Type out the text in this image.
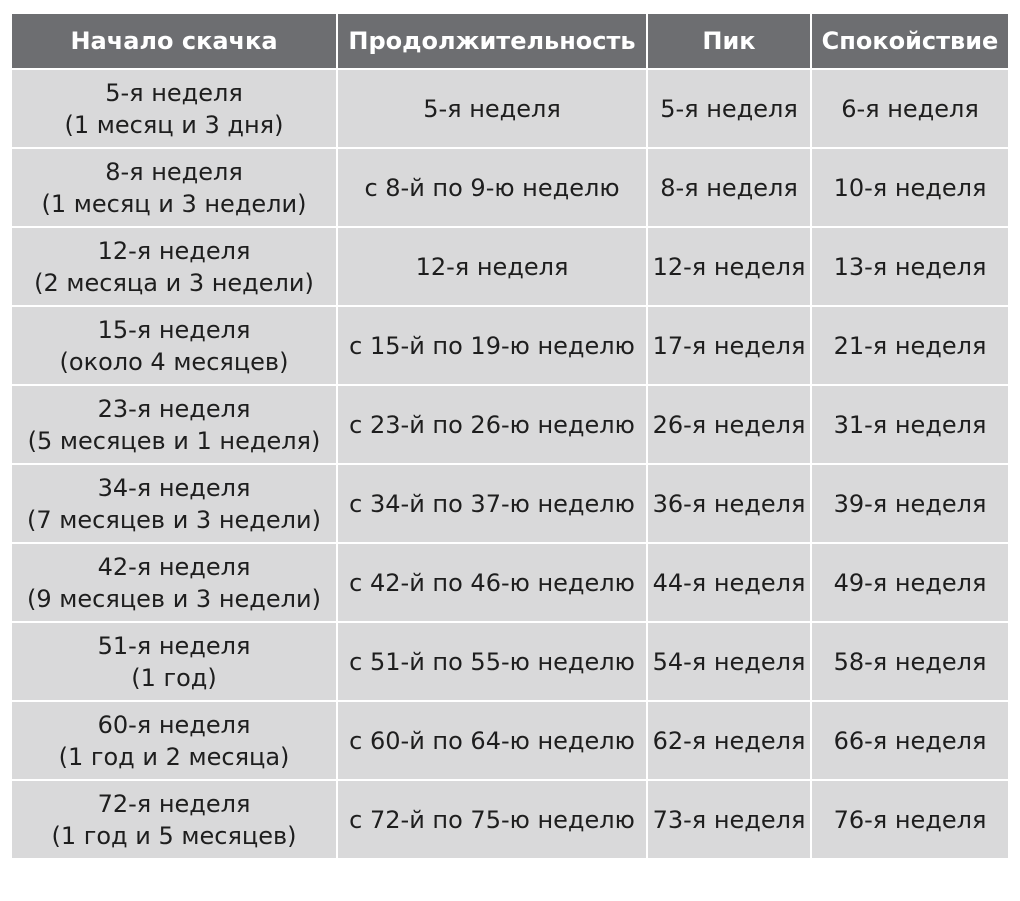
Начало скачка	Продолжительность	Пик	Спокойствие

5-я неделя
(1 месяц и 3 дня)	5-я неделя	5-я неделя	6-я неделя

8-я неделя
(1 месяц и 3 недели)	с 8-й по 9-ю неделю	8-я неделя	10-я неделя

12-я неделя
(2 месяца и 3 недели)	12-я неделя	12-я неделя	13-я неделя

15-я неделя
(около 4 месяцев)	с 15-й по 19-ю неделю	17-я неделя	21-я неделя

23-я неделя
(5 месяцев и 1 неделя)	с 23-й по 26-ю неделю	26-я неделя	31-я неделя

34-я неделя
(7 месяцев и 3 недели)	с 34-й по 37-ю неделю	36-я неделя	39-я неделя

42-я неделя
(9 месяцев и 3 недели)	с 42-й по 46-ю неделю	44-я неделя	49-я неделя

51-я неделя
(1 год)	с 51-й по 55-ю неделю	54-я неделя	58-я неделя

60-я неделя
(1 год и 2 месяца)	с 60-й по 64-ю неделю	62-я неделя	66-я неделя

72-я неделя
(1 год и 5 месяцев)	с 72-й по 75-ю неделю	73-я неделя	76-я неделя
